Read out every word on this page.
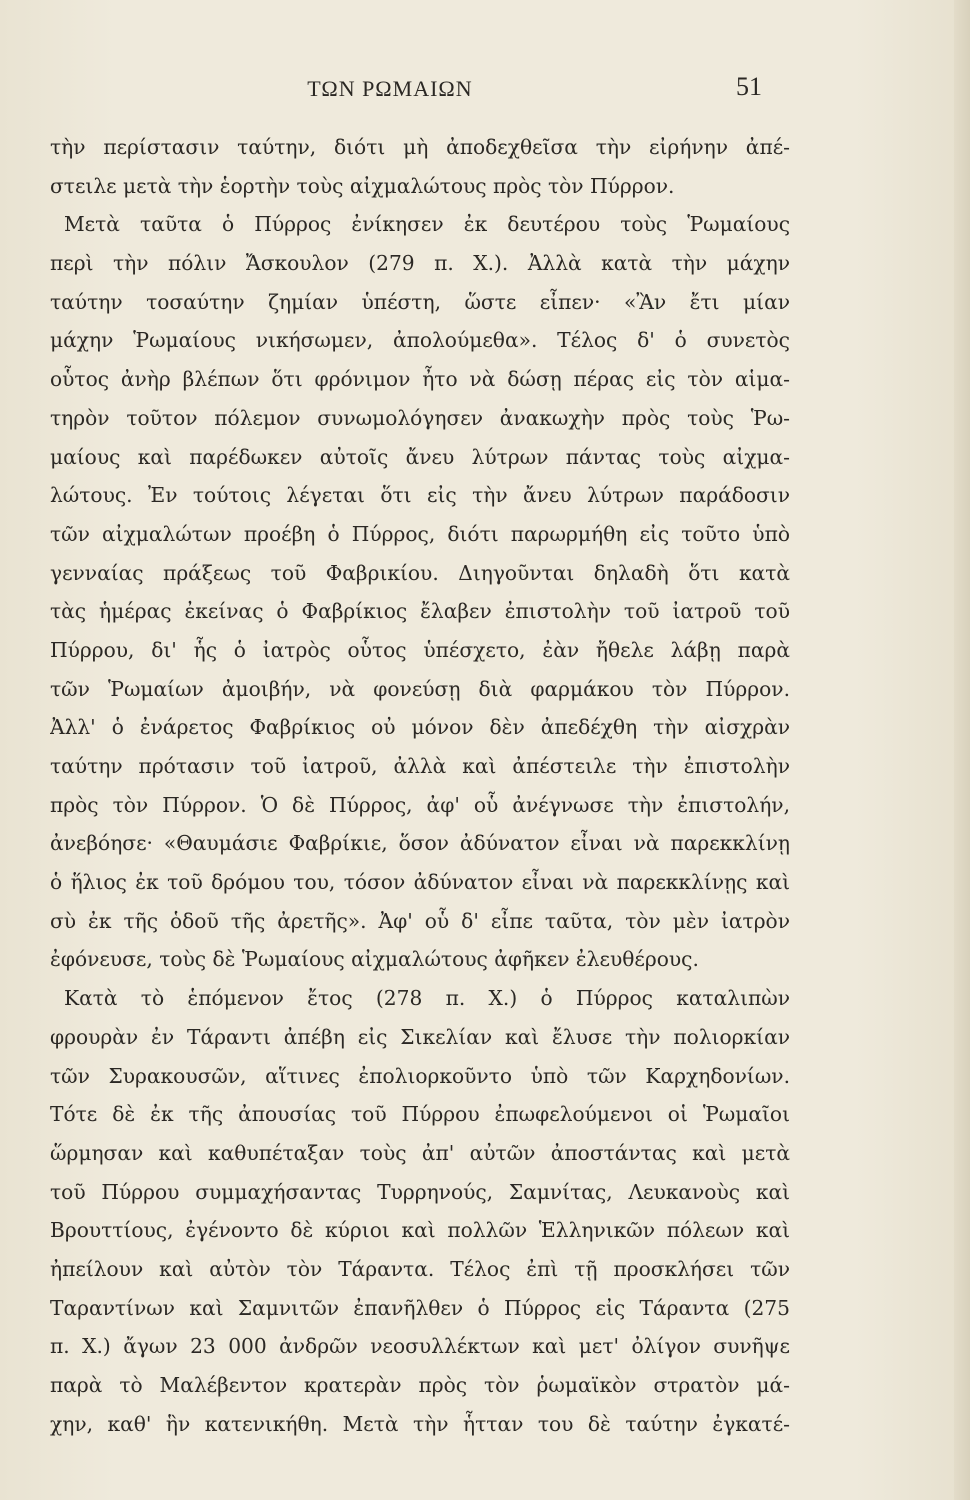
ΤΩΝ ΡΩΜΑΙΩΝ	51
τὴν περίστασιν ταύτην, διότι μὴ ἀποδεχθεῖσα τὴν εἰρήνην ἀπέ-
στειλε μετὰ τὴν ἑορτὴν τοὺς αἰχμαλώτους πρὸς τὸν Πύρρον.
Μετὰ ταῦτα ὁ Πύρρος ἐνίκησεν ἐκ δευτέρου τοὺς Ῥωμαίους
περὶ τὴν πόλιν Ἄσκουλον (279 π. Χ.). Ἀλλὰ κατὰ τὴν μάχην
ταύτην τοσαύτην ζημίαν ὑπέστη, ὥστε εἶπεν· «Ἂν ἔτι μίαν
μάχην Ῥωμαίους νικήσωμεν, ἀπολούμεθα». Τέλος δ' ὁ συνετὸς
οὗτος ἀνὴρ βλέπων ὅτι φρόνιμον ἦτο νὰ δώσῃ πέρας εἰς τὸν αἱμα-
τηρὸν τοῦτον πόλεμον συνωμολόγησεν ἀνακωχὴν πρὸς τοὺς Ῥω-
μαίους καὶ παρέδωκεν αὐτοῖς ἄνευ λύτρων πάντας τοὺς αἰχμα-
λώτους. Ἐν τούτοις λέγεται ὅτι εἰς τὴν ἄνευ λύτρων παράδοσιν
τῶν αἰχμαλώτων προέβη ὁ Πύρρος, διότι παρωρμήθη εἰς τοῦτο ὑπὸ
γενναίας πράξεως τοῦ Φαβρικίου. Διηγοῦνται δηλαδὴ ὅτι κατὰ
τὰς ἡμέρας ἐκείνας ὁ Φαβρίκιος ἔλαβεν ἐπιστολὴν τοῦ ἰατροῦ τοῦ
Πύρρου, δι' ἧς ὁ ἰατρὸς οὗτος ὑπέσχετο, ἐὰν ἤθελε λάβῃ παρὰ
τῶν Ῥωμαίων ἀμοιβήν, νὰ φονεύσῃ διὰ φαρμάκου τὸν Πύρρον.
Ἀλλ' ὁ ἐνάρετος Φαβρίκιος οὐ μόνον δὲν ἀπεδέχθη τὴν αἰσχρὰν
ταύτην πρότασιν τοῦ ἰατροῦ, ἀλλὰ καὶ ἀπέστειλε τὴν ἐπιστολὴν
πρὸς τὸν Πύρρον. Ὁ δὲ Πύρρος, ἀφ' οὗ ἀνέγνωσε τὴν ἐπιστολήν,
ἀνεβόησε· «Θαυμάσιε Φαβρίκιε, ὅσον ἀδύνατον εἶναι νὰ παρεκκλίνῃ
ὁ ἥλιος ἐκ τοῦ δρόμου του, τόσον ἀδύνατον εἶναι νὰ παρεκκλίνῃς καὶ
σὺ ἐκ τῆς ὁδοῦ τῆς ἀρετῆς». Ἀφ' οὗ δ' εἶπε ταῦτα, τὸν μὲν ἰατρὸν
ἐφόνευσε, τοὺς δὲ Ῥωμαίους αἰχμαλώτους ἀφῆκεν ἐλευθέρους.
Κατὰ τὸ ἑπόμενον ἔτος (278 π. Χ.) ὁ Πύρρος καταλιπὼν
φρουρὰν ἐν Τάραντι ἀπέβη εἰς Σικελίαν καὶ ἔλυσε τὴν πολιορκίαν
τῶν Συρακουσῶν, αἵτινες ἐπολιορκοῦντο ὑπὸ τῶν Καρχηδονίων.
Τότε δὲ ἐκ τῆς ἀπουσίας τοῦ Πύρρου ἐπωφελούμενοι οἱ Ῥωμαῖοι
ὥρμησαν καὶ καθυπέταξαν τοὺς ἀπ' αὐτῶν ἀποστάντας καὶ μετὰ
τοῦ Πύρρου συμμαχήσαντας Τυρρηνούς, Σαμνίτας, Λευκανοὺς καὶ
Βρουττίους, ἐγένοντο δὲ κύριοι καὶ πολλῶν Ἑλληνικῶν πόλεων καὶ
ἠπείλουν καὶ αὐτὸν τὸν Τάραντα. Τέλος ἐπὶ τῇ προσκλήσει τῶν
Ταραντίνων καὶ Σαμνιτῶν ἐπανῆλθεν ὁ Πύρρος εἰς Τάραντα (275
π. Χ.) ἄγων 23 000 ἀνδρῶν νεοσυλλέκτων καὶ μετ' ὀλίγον συνῆψε
παρὰ τὸ Μαλέβεντον κρατερὰν πρὸς τὸν ῥωμαϊκὸν στρατὸν μά-
χην, καθ' ἣν κατενικήθη. Μετὰ τὴν ἧτταν του δὲ ταύτην ἐγκατέ-
